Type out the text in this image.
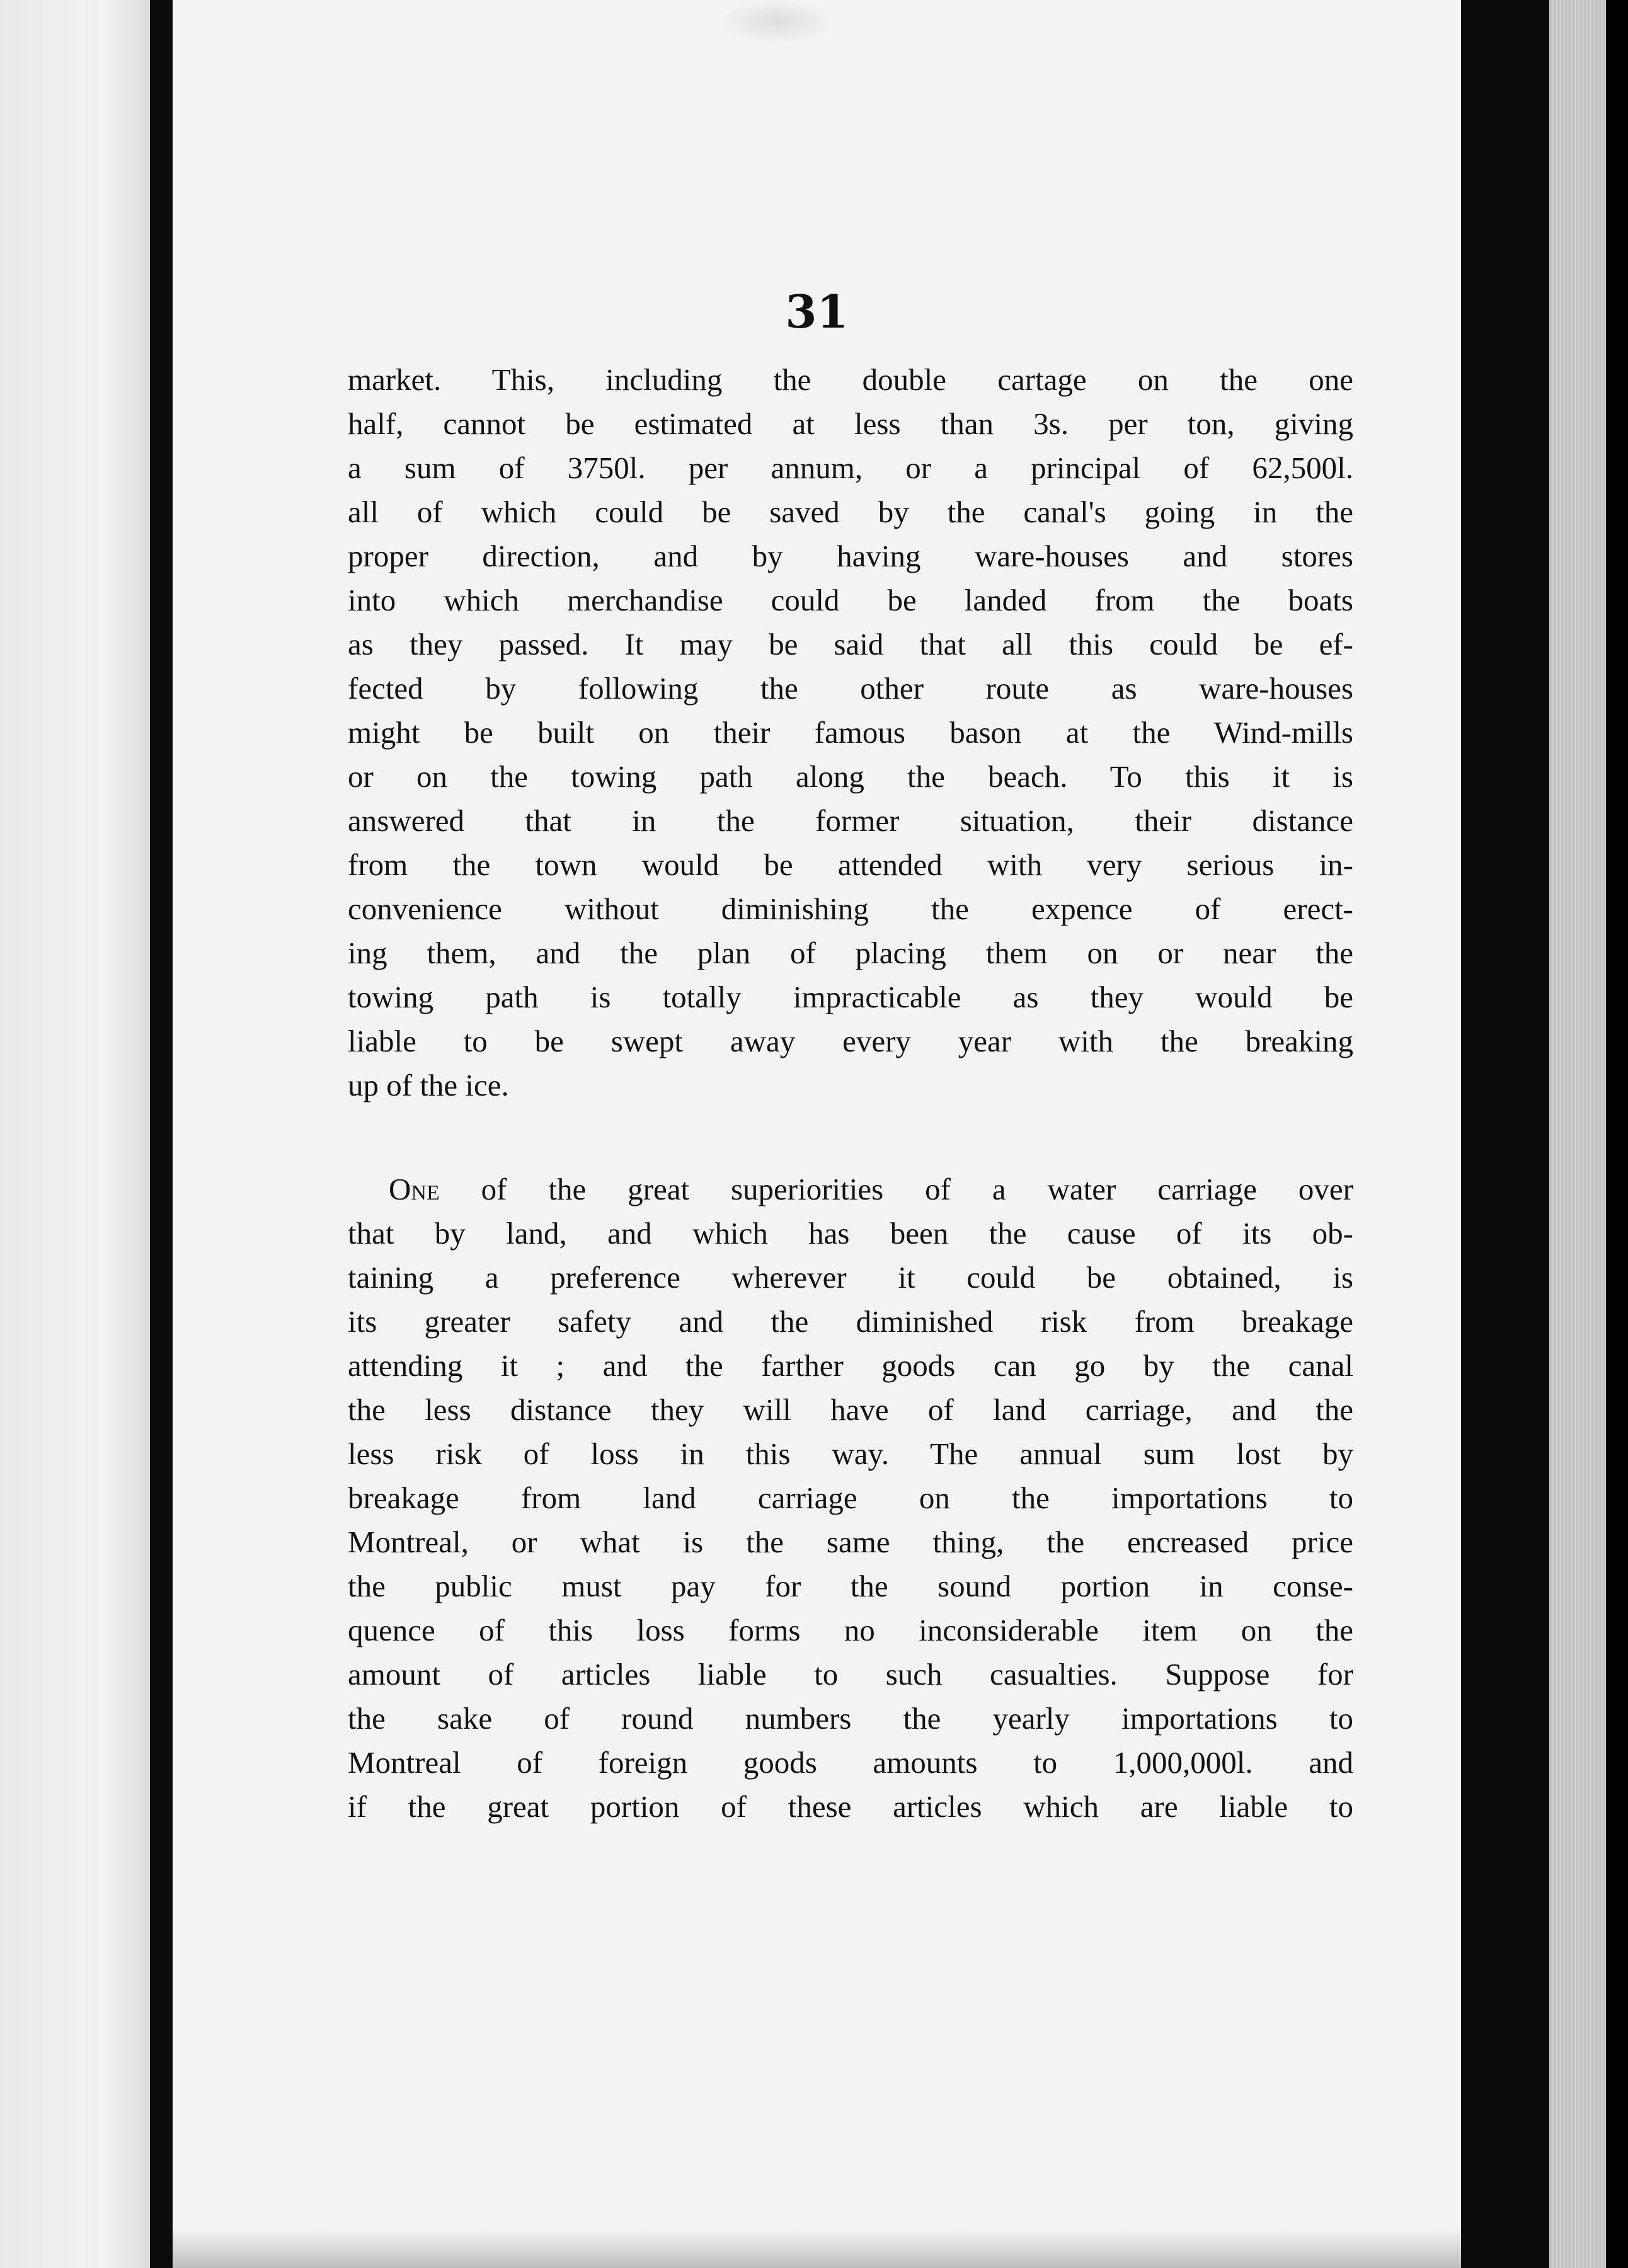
31
market. This, including the double cartage on the one
half, cannot be estimated at less than 3s. per ton, giving
a sum of 3750l. per annum, or a principal of 62,500l.
all of which could be saved by the canal's going in the
proper direction, and by having ware-houses and stores
into which merchandise could be landed from the boats
as they passed. It may be said that all this could be ef-
fected by following the other route as ware-houses
might be built on their famous bason at the Wind-mills
or on the towing path along the beach. To this it is
answered that in the former situation, their distance
from the town would be attended with very serious in-
convenience without diminishing the expence of erect-
ing them, and the plan of placing them on or near the
towing path is totally impracticable as they would be
liable to be swept away every year with the breaking
up of the ice.
One of the great superiorities of a water carriage over
that by land, and which has been the cause of its ob-
taining a preference wherever it could be obtained, is
its greater safety and the diminished risk from breakage
attending it ; and the farther goods can go by the canal
the less distance they will have of land carriage, and the
less risk of loss in this way. The annual sum lost by
breakage from land carriage on the importations to
Montreal, or what is the same thing, the encreased price
the public must pay for the sound portion in conse-
quence of this loss forms no inconsiderable item on the
amount of articles liable to such casualties. Suppose for
the sake of round numbers the yearly importations to
Montreal of foreign goods amounts to 1,000,000l. and
if the great portion of these articles which are liable to
